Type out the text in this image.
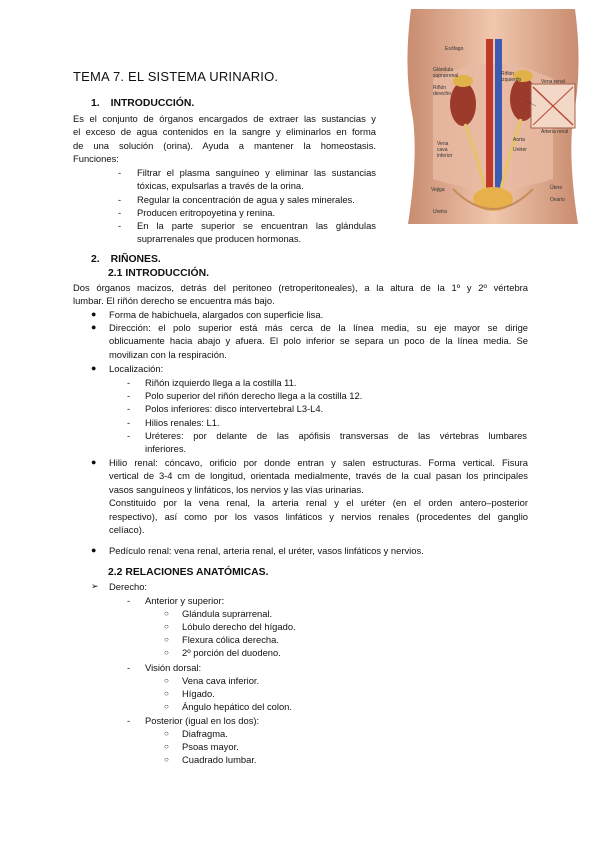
Esófago
Glándula suprarrenal	Riñón izquierdo
Riñón derecho
Aorta
Vena cava inferior
Uréter
Vejiga
Uretra
Útero
Ovario
Vena renal
Arteria renal
TEMA 7. EL SISTEMA URINARIO.
1. INTRODUCCIÓN.
Es el conjunto de órganos encargados de extraer las sustancias y
el exceso de agua contenidos en la sangre y eliminarlos en forma
de una solución (orina). Ayuda a mantener la homeostasis.
Funciones:
- Filtrar el plasma sanguíneo y eliminar las sustancias
tóxicas, expulsarlas a través de la orina.
- Regular la concentración de agua y sales minerales.
- Producen eritropoyetina y renina.
- En la parte superior se encuentran las glándulas
suprarrenales que producen hormonas.
2. RIÑONES.
2.1 INTRODUCCIÓN.
Dos órganos macizos, detrás del peritoneo (retroperitoneales), a la altura de la 1º y 2º vértebra
lumbar. El riñón derecho se encuentra más bajo.
● Forma de habichuela, alargados con superficie lisa.
● Dirección: el polo superior está más cerca de la línea media, su eje mayor se dirige
oblicuamente hacia abajo y afuera. El polo inferior se separa un poco de la línea media. Se
movilizan con la respiración.
● Localización:
- Riñón izquierdo llega a la costilla 11.
- Polo superior del riñón derecho llega a la costilla 12.
- Polos inferiores: disco intervertebral L3-L4.
- Hilios renales: L1.
- Uréteres: por delante de las apófisis transversas de las vértebras lumbares
inferiores.
● Hilio renal: cóncavo, orificio por donde entran y salen estructuras. Forma vertical. Fisura
vertical de 3-4 cm de longitud, orientada medialmente, través de la cual pasan los principales
vasos sanguíneos y linfáticos, los nervios y las vías urinarias.
Constituido por la vena renal, la arteria renal y el uréter (en el orden antero–posterior
respectivo), así como por los vasos linfáticos y nervios renales (procedentes del ganglio
celíaco).
● Pedículo renal: vena renal, arteria renal, el uréter, vasos linfáticos y nervios.
2.2 RELACIONES ANATÓMICAS.
➢ Derecho:
- Anterior y superior:
○ Glándula suprarrenal.
○ Lóbulo derecho del hígado.
○ Flexura cólica derecha.
○ 2º porción del duodeno.
- Visión dorsal:
○ Vena cava inferior.
○ Hígado.
○ Ángulo hepático del colon.
- Posterior (igual en los dos):
○ Diafragma.
○ Psoas mayor.
○ Cuadrado lumbar.
